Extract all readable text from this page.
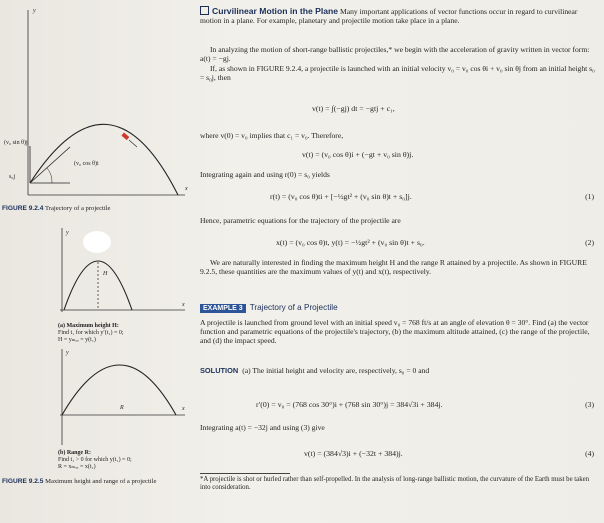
(v₀ sin θ)j
(v₀ cos θ)i
s₀j
y
x
FIGURE 9.2.4 Trajectory of a projectile
y
H
x
(a) Maximum height H:
Find t₁ for which y′(t₁) = 0;
H = yₘₐₓ = y(t₁)
y
R	x
(b) Range R:
Find t₁ > 0 for which y(t₁) = 0;
R = xₘₐₓ = x(t₁)
FIGURE 9.2.5 Maximum height and range of a projectile
Curvilinear Motion in the Plane Many important applications of vector functions occur in regard to curvilinear motion in a plane. For example, planetary and projectile motion take place in a plane.
In analyzing the motion of short-range ballistic projectiles,* we begin with the acceleration of gravity written in vector form: a(t) = −gj.
If, as shown in FIGURE 9.2.4, a projectile is launched with an initial velocity v₀ = v₀ cos θi + v₀ sin θj from an initial height s₀ = s₀j, then
v(t) = ∫(−gj) dt = −gtj + c₁,
where v(0) = v₀ implies that c₁ = v₀. Therefore,
v(t) = (v₀ cos θ)i + (−gt + v₀ sin θ)j.
Integrating again and using r(0) = s₀ yields
r(t) = (v₀ cos θ)ti + [−½gt² + (v₀ sin θ)t + s₀]j.	(1)
Hence, parametric equations for the trajectory of the projectile are
x(t) = (v₀ cos θ)t, y(t) = −½gt² + (v₀ sin θ)t + s₀.	(2)
We are naturally interested in finding the maximum height H and the range R attained by a projectile. As shown in FIGURE 9.2.5, these quantities are the maximum values of y(t) and x(t), respectively.
EXAMPLE 3 Trajectory of a Projectile
A projectile is launched from ground level with an initial speed v₀ = 768 ft/s at an angle of elevation θ = 30°. Find (a) the vector function and parametric equations of the projectile's trajectory, (b) the maximum altitude attained, (c) the range of the projectile, and (d) the impact speed.
SOLUTION (a) The initial height and velocity are, respectively, s₀ = 0 and
r′(0) = v₀ = (768 cos 30°)i + (768 sin 30°)j = 384√3i + 384j.	(3)
Integrating a(t) = −32j and using (3) give
v(t) = (384√3)i + (−32t + 384)j.	(4)
*A projectile is shot or hurled rather than self-propelled. In the analysis of long-range ballistic motion, the curvature of the Earth must be taken into consideration.
